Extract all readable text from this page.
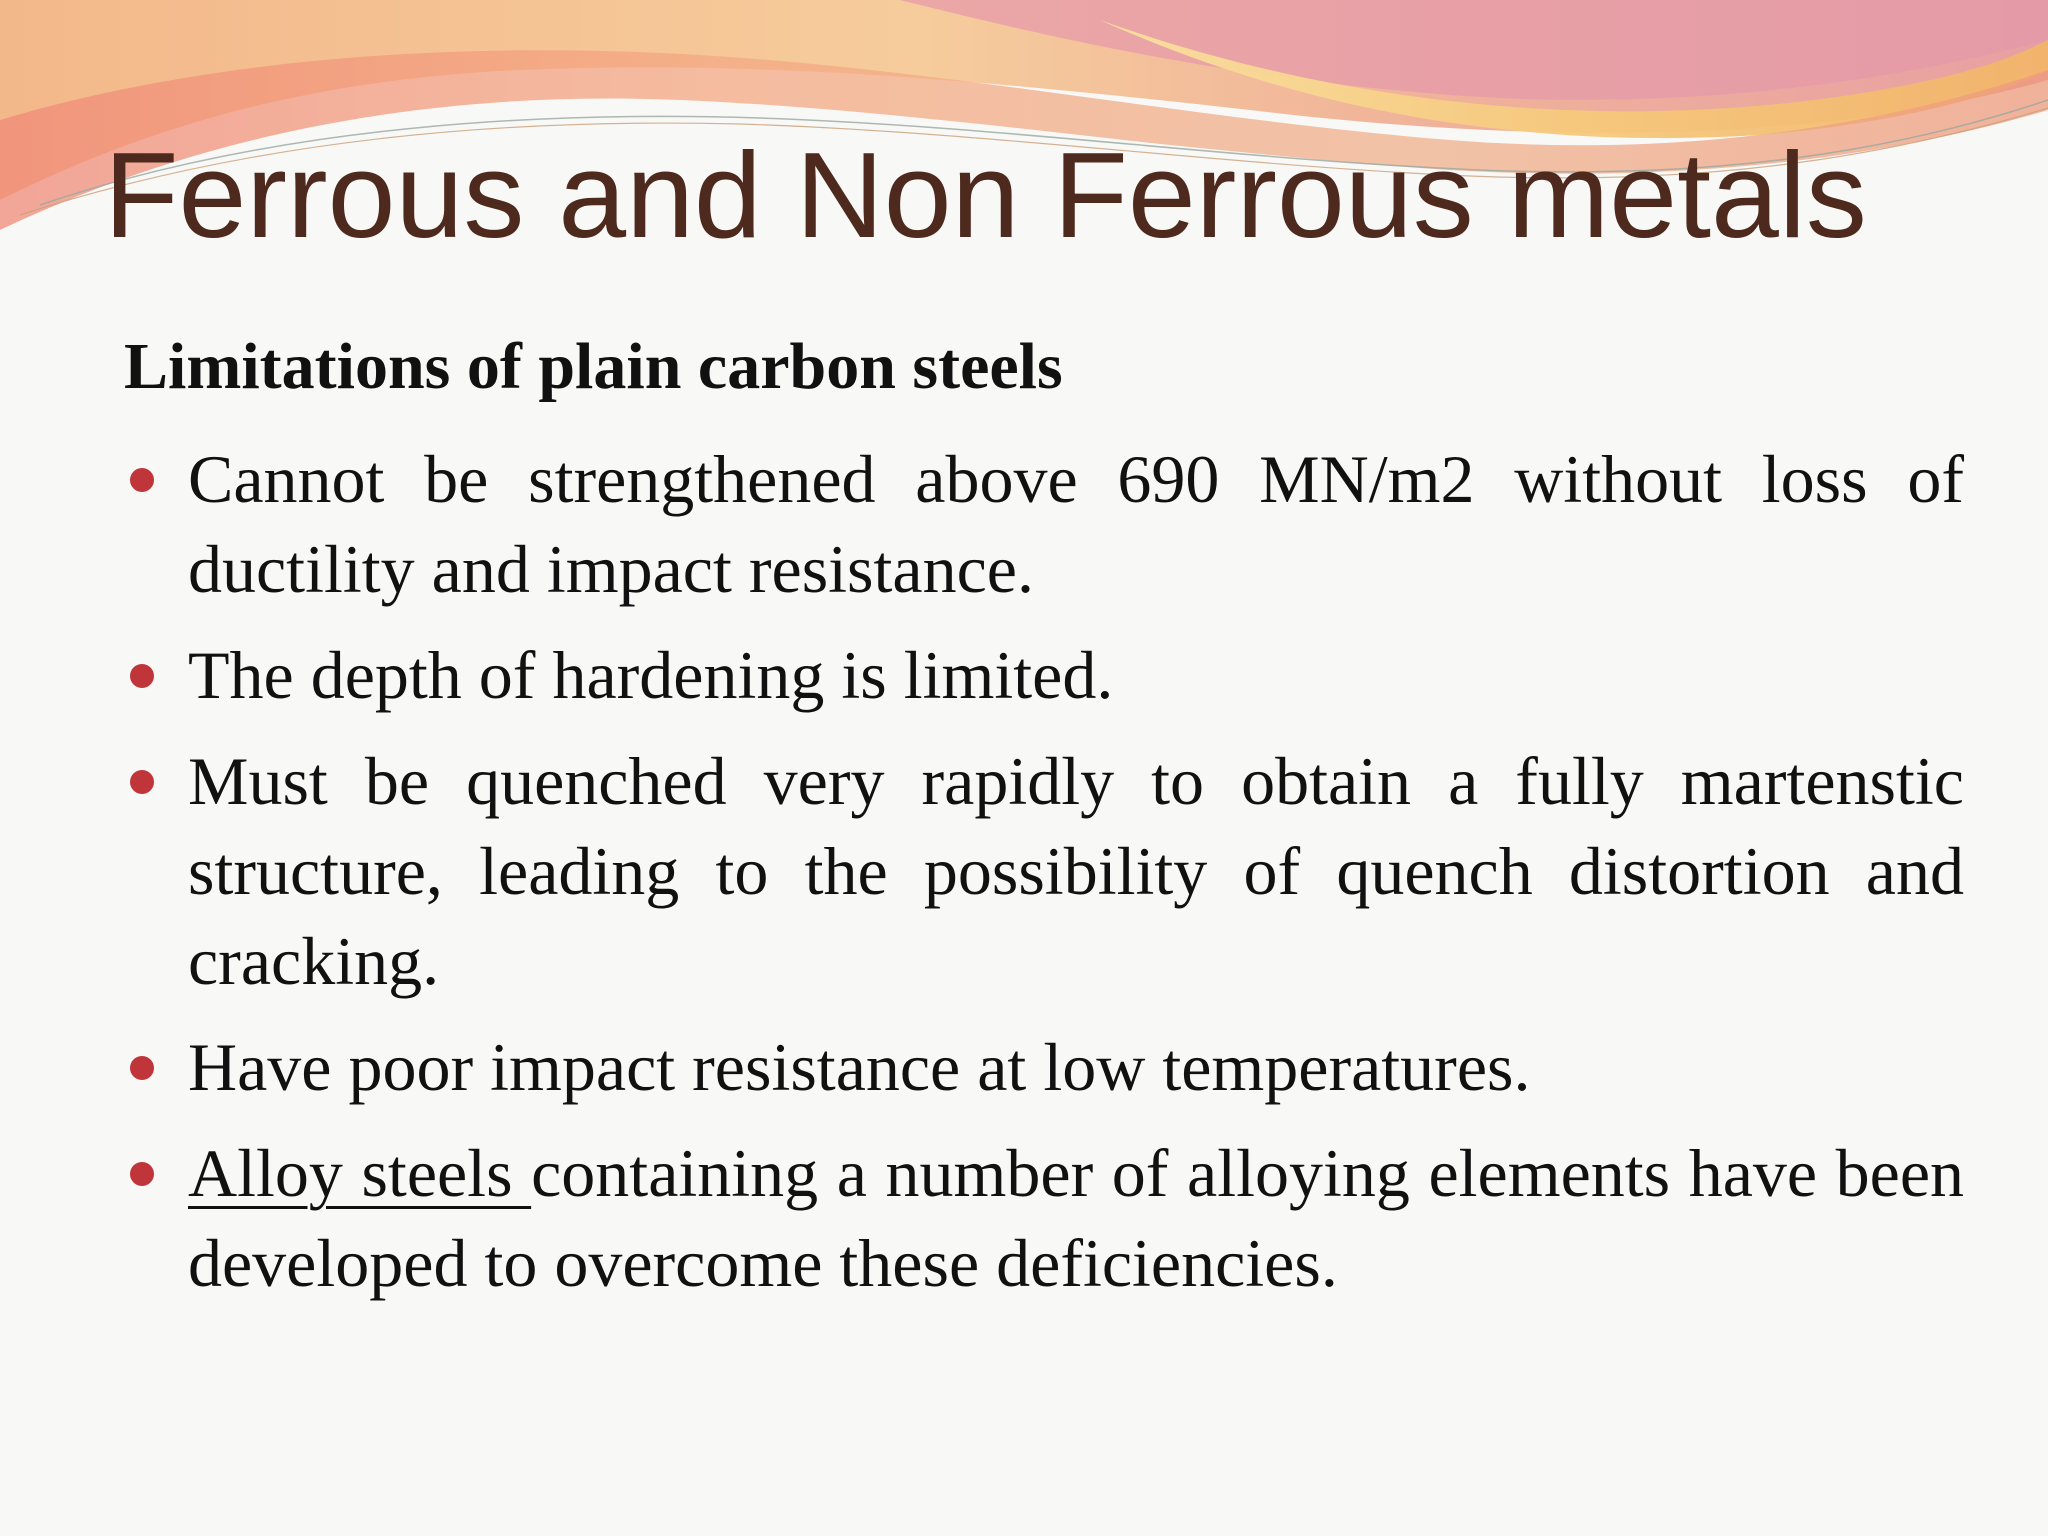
Ferrous and Non Ferrous metals
Limitations of plain carbon steels
Cannot be strengthened above 690 MN/m2 without loss of ductility and impact resistance.
The depth of hardening is limited.
Must be quenched very rapidly to obtain a fully martenstic structure, leading to the possibility of quench distortion and cracking.
Have poor impact resistance at low temperatures.
Alloy steels containing a number of alloying elements have been developed to overcome these deficiencies.
